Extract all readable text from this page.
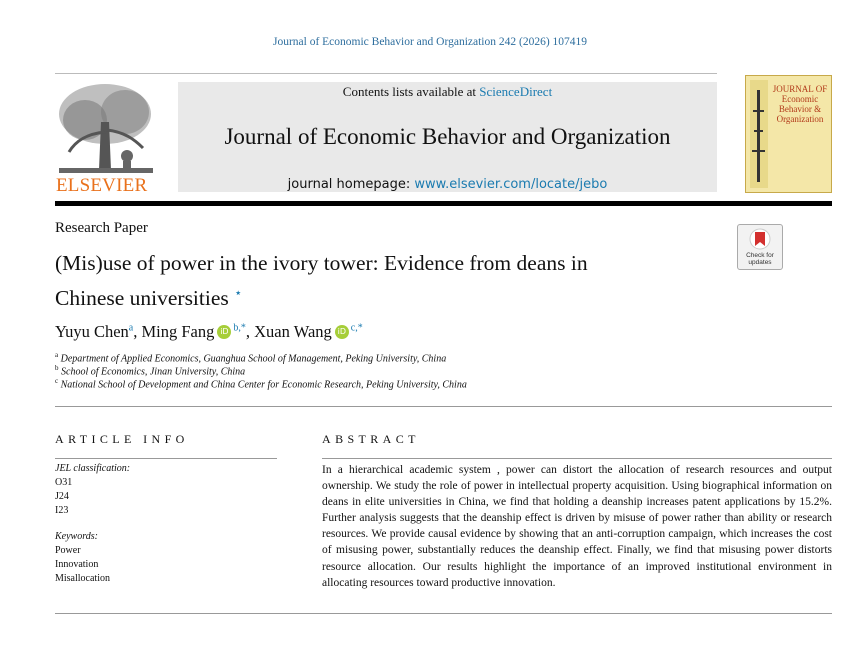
Journal of Economic Behavior and Organization 242 (2026) 107419
ELSEVIER
Contents lists available at ScienceDirect
Journal of Economic Behavior and Organization
journal homepage: www.elsevier.com/locate/jebo
JOURNAL OF
Economic
Behavior &
Organization
Research Paper
(Mis)use of power in the ivory tower: Evidence from deans in
Chinese universities ⋆
Check for
updates
Yuyu Chen$^a$, Ming Fang iD $^{b,*}$, Xuan Wang iD $^{c,*}$
$^a$ Department of Applied Economics, Guanghua School of Management, Peking University, China
$^b$ School of Economics, Jinan University, China
$^c$ National School of Development and China Center for Economic Research, Peking University, China
ARTICLE INFO
JEL classification:
O31
J24
I23
Keywords:
Power
Innovation
Misallocation
ABSTRACT
In a hierarchical academic system , power can distort the allocation of research resources and output ownership. We study the role of power in intellectual property acquisition. Using biographical information on deans in elite universities in China, we find that holding a deanship increases patent applications by 15.2%. Further analysis suggests that the deanship effect is driven by misuse of power rather than ability or research resources. We provide causal evidence by showing that an anti-corruption campaign, which increases the cost of misusing power, substantially reduces the deanship effect. Finally, we find that misusing power distorts resource allocation. Our results highlight the importance of an improved institutional environment in allocating resources toward productive innovation.
